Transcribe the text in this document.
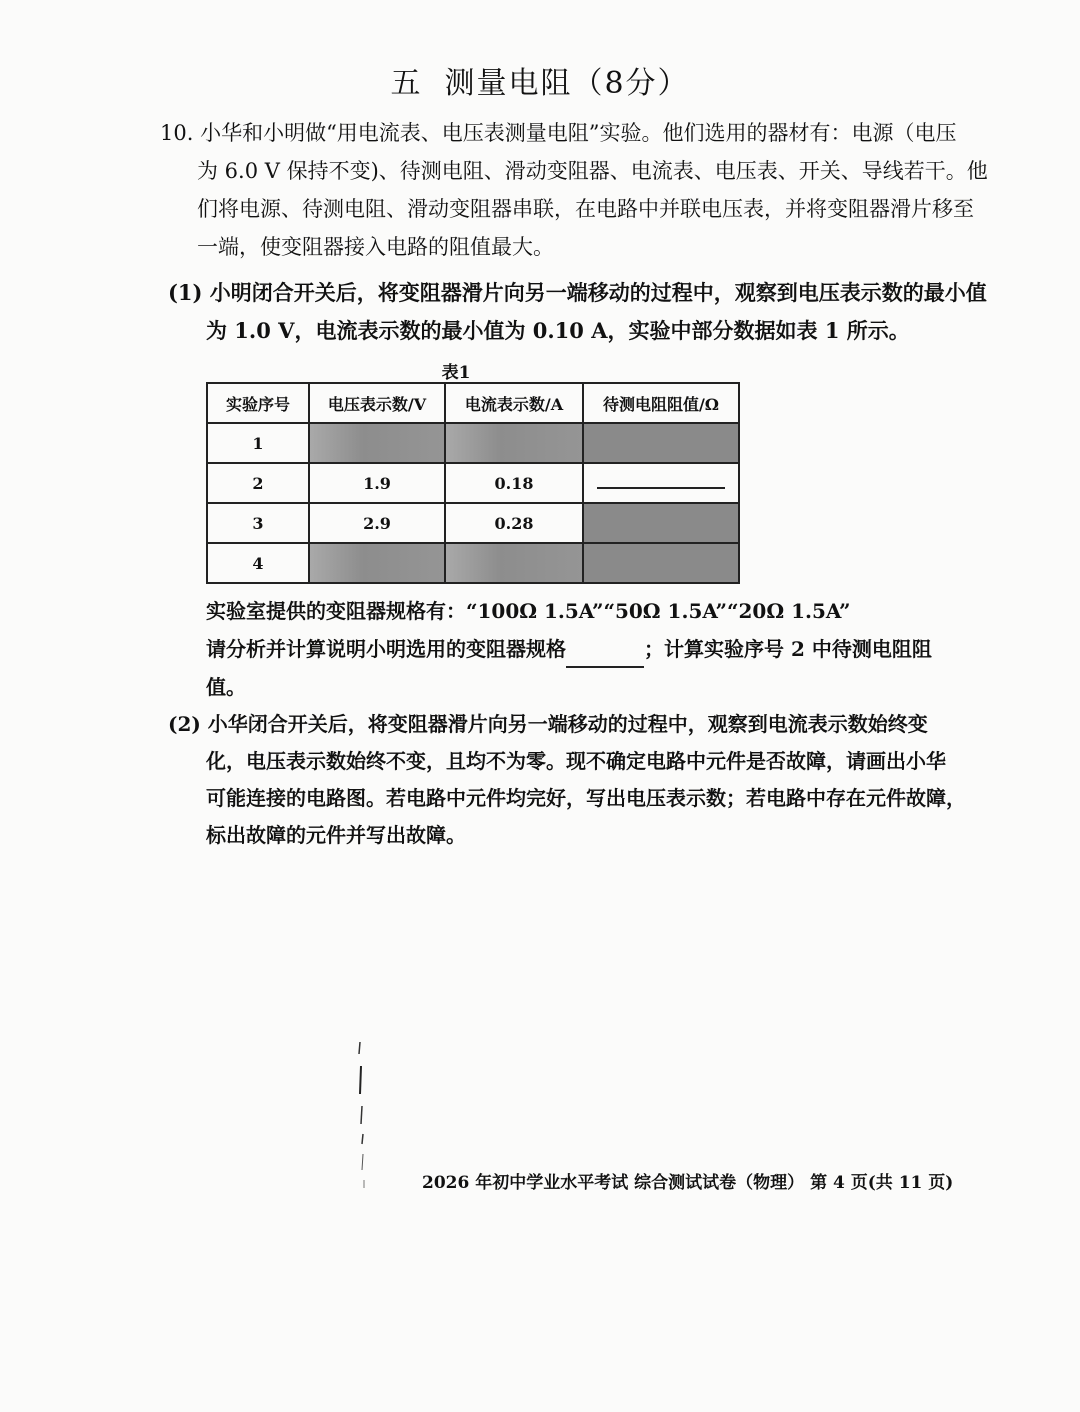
五 测量电阻（8分）
10. 小华和小明做“用电流表、电压表测量电阻”实验。他们选用的器材有：电源（电压
为 6.0 V 保持不变)、待测电阻、滑动变阻器、电流表、电压表、开关、导线若干。他
们将电源、待测电阻、滑动变阻器串联，在电路中并联电压表，并将变阻器滑片移至
一端，使变阻器接入电路的阻值最大。
(1) 小明闭合开关后，将变阻器滑片向另一端移动的过程中，观察到电压表示数的最小值
为 1.0 V，电流表示数的最小值为 0.10 A，实验中部分数据如表 1 所示。
表1
实验序号	电压表示数/V	电流表示数/A	待测电阻阻值/Ω
1			
2	1.9	0.18	
3	2.9	0.28	
4			
实验室提供的变阻器规格有：“100Ω 1.5A”“50Ω 1.5A”“20Ω 1.5A”
请分析并计算说明小明选用的变阻器规格	；计算实验序号 2 中待测电阻阻
值。
(2) 小华闭合开关后，将变阻器滑片向另一端移动的过程中，观察到电流表示数始终变
化，电压表示数始终不变，且均不为零。现不确定电路中元件是否故障，请画出小华
可能连接的电路图。若电路中元件均完好，写出电压表示数；若电路中存在元件故障，
标出故障的元件并写出故障。
2026 年初中学业水平考试 综合测试试卷（物理） 第 4 页(共 11 页)
